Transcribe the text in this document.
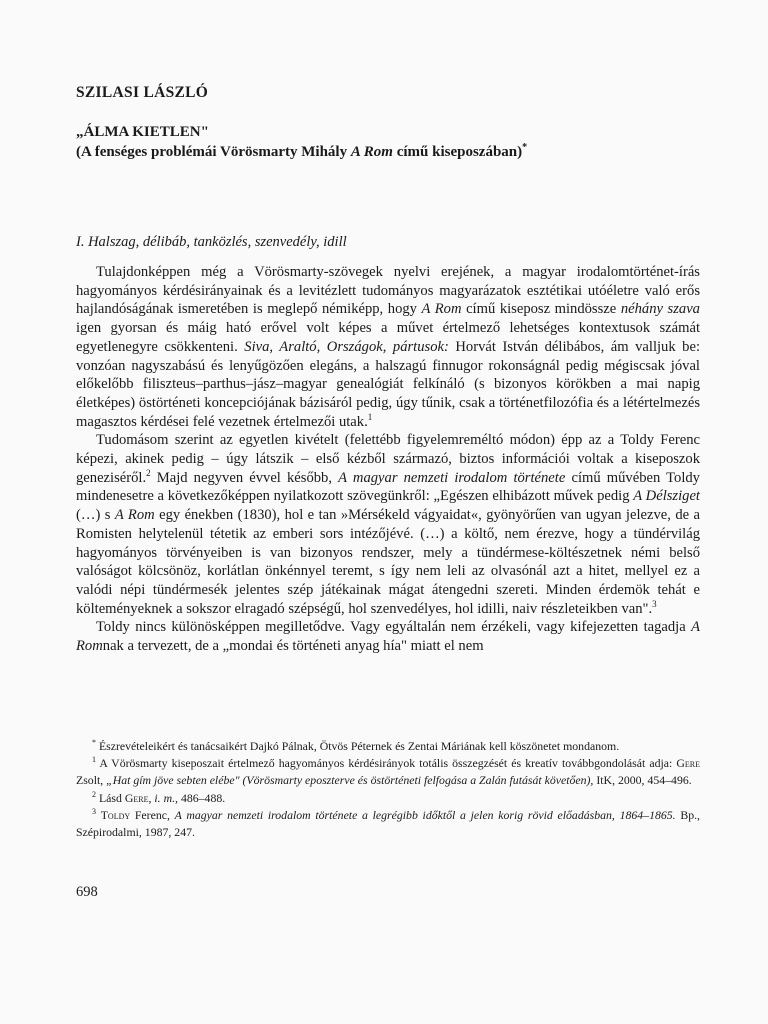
SZILASI LÁSZLÓ
„ÁLMA KIETLEN"
(A fenséges problémái Vörösmarty Mihály A Rom című kiseposzában)*
I. Halszag, délibáb, tanközlés, szenvedély, idill

Tulajdonképpen még a Vörösmarty-szövegek nyelvi erejének, a magyar irodalomtörténet-írás hagyományos kérdésirányainak és a levitézlett tudományos magyarázatok esztétikai utóéletre való erős hajlandóságának ismeretében is meglepő némiképp, hogy A Rom című kiseposz mindössze néhány szava igen gyorsan és máig ható erővel volt képes a művet értelmező lehetséges kontextusok számát egyetlenegyre csökkenteni. Siva, Araltó, Országok, pártusok: Horvát István délibábos, ám valljuk be: vonzóan nagyszabású és lenyűgözően elegáns, a halszagú finnugor rokonságnál pedig mégiscsak jóval előkelőbb filiszteus–parthus–jász–magyar genealógiát felkínáló (s bizonyos körökben a mai napig életképes) östörténeti koncepciójának bázisáról pedig, úgy tűnik, csak a történetfilozófia és a létértelmezés magasztos kérdései felé vezetnek értelmezői utak.$^1$

Tudomásom szerint az egyetlen kivételt (felettébb figyelemreméltó módon) épp az a Toldy Ferenc képezi, akinek pedig – úgy látszik – első kézből származó, biztos információi voltak a kiseposzok geneziséről.$^2$ Majd negyven évvel később, A magyar nemzeti irodalom története című művében Toldy mindenesetre a következőképpen nyilatkozott szövegünkről: „Egészen elhibázott művek pedig A Délsziget (…) s A Rom egy énekben (1830), hol e tan »Mérsékeld vágyaidat«, gyönyörűen van ugyan jelezve, de a Romisten helytelenül tétetik az emberi sors intézőjévé. (…) a költő, nem érezve, hogy a tündérvilág hagyományos törvényeiben is van bizonyos rendszer, mely a tündérmese-költészetnek némi belső valóságot kölcsönöz, korlátlan önkénnyel teremt, s így nem leli az olvasónál azt a hitet, mellyel ez a valódi népi tündérmesék jelentes szép játékainak mágat átengedni szereti. Minden érdemök tehát e költeményeknek a sokszor elragadó szépségű, hol szenvedélyes, hol idilli, naiv részleteikben van".$^3$

Toldy nincs különösképpen megilletődve. Vagy egyáltalán nem érzékeli, vagy kifejezetten tagadja A Romnak a tervezett, de a „mondai és történeti anyag hía" miatt el nem

* Észrevételeikért és tanácsaikért Dajkó Pálnak, Ötvös Péternek és Zentai Máriának kell köszönetet mondanom.

$^1$ A Vörösmarty kiseposzait értelmező hagyományos kérdésirányok totális összegzését és kreatív továbbgondolását adja: Gere Zsolt, „Hat gím jöve sebten elébe" (Vörösmarty eposzterve és östörténeti felfogása a Zalán futását követően), ItK, 2000, 454–496.

$^2$ Lásd Gere, i. m., 486–488.

$^3$ Toldy Ferenc, A magyar nemzeti irodalom története a legrégibb időktől a jelen korig rövid előadásban, 1864–1865. Bp., Szépirodalmi, 1987, 247.

698
